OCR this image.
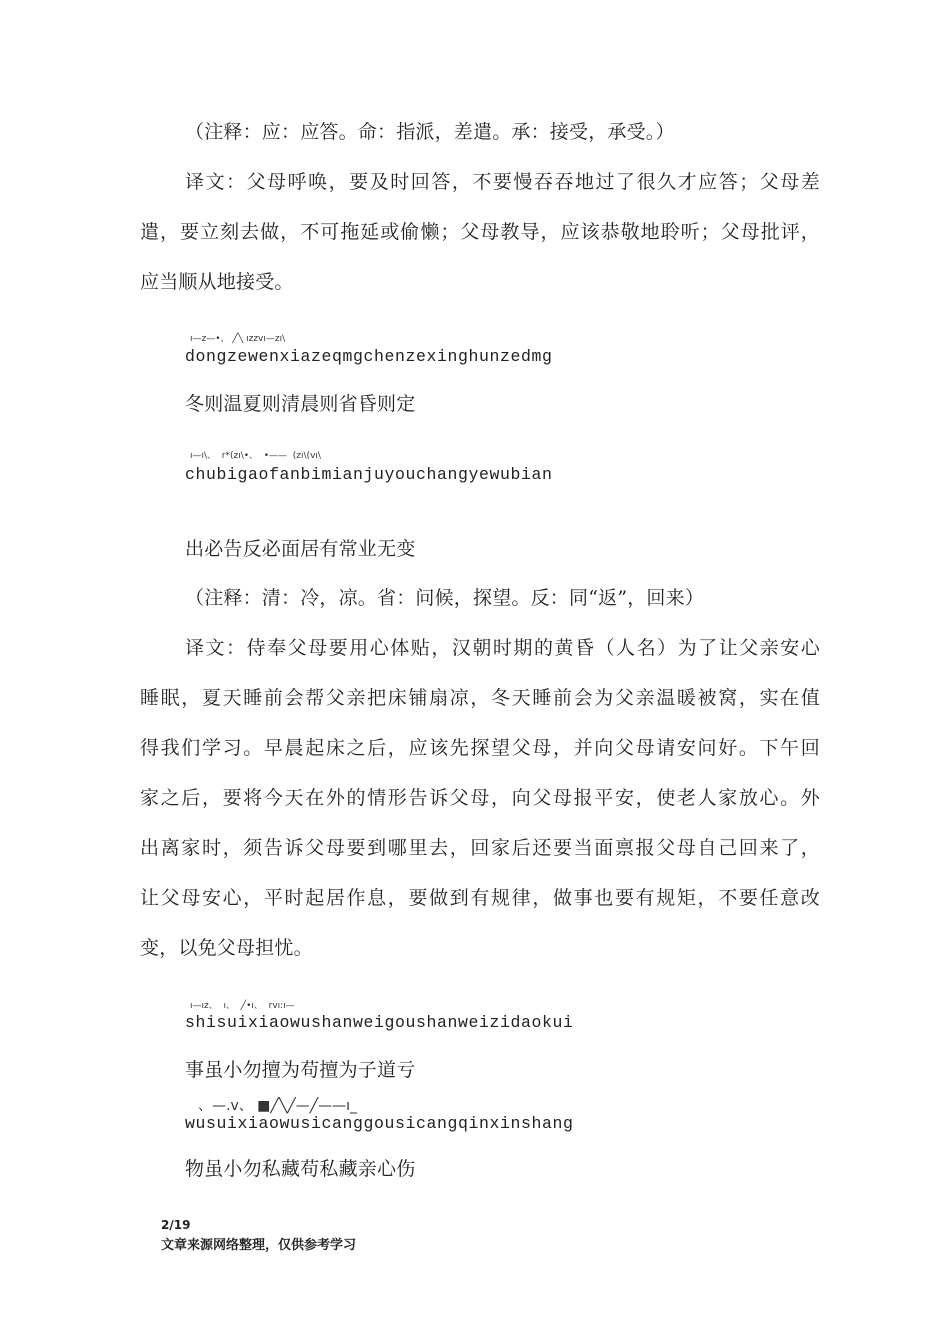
（注释：应：应答。命：指派，差遣。承：接受，承受。）
译文：父母呼唤，要及时回答，不要慢吞吞地过了很久才应答；父母差
遣，要立刻去做，不可拖延或偷懒；父母教导，应该恭敬地聆听；父母批评，
应当顺从地接受。
ı—z—•、 ╱╲ ızzvı—zı\
dongzewenxiazeqmgchenzexinghunzedmg
冬则温夏则清晨则省昏则定
ı—ı\、  r*(zı\•、  •——  (zı\(vı\
chubigaofanbimianjuyouchangyewubian
出必告反必面居有常业无变
（注释：清：冷，凉。省：问候，探望。反：同“返”，回来）
译文：侍奉父母要用心体贴，汉朝时期的黄昏（人名）为了让父亲安心
睡眠，夏天睡前会帮父亲把床铺扇凉，冬天睡前会为父亲温暖被窝，实在值
得我们学习。早晨起床之后，应该先探望父母，并向父母请安问好。下午回
家之后，要将今天在外的情形告诉父母，向父母报平安，使老人家放心。外
出离家时，须告诉父母要到哪里去，回家后还要当面禀报父母自己回来了，
让父母安心，平时起居作息，要做到有规律，做事也要有规矩，不要任意改
变，以免父母担忧。
ı—ız、  ı、  ╱•ı、  rvı:ı—
shisuixiaowushanweigoushanweizidaokui
事虽小勿擅为苟擅为子道亏
、—.v、 ■╱╲╱—╱——ı_
wusuixiaowusicanggousicangqinxinshang
物虽小勿私藏苟私藏亲心伤
2/19
文章来源网络整理，仅供参考学习
